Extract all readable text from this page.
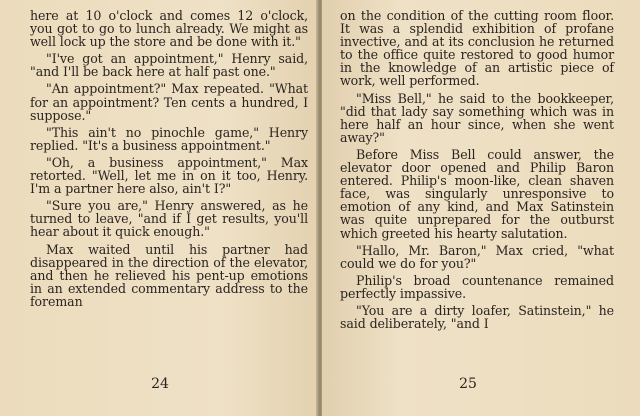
here at 10 o'clock and comes 12 o'clock, you got to go to lunch already. We might as well lock up the store and be done with it."

"I've got an appointment," Henry said, "and I'll be back here at half past one."

"An appointment?" Max repeated. "What for an appointment? Ten cents a hundred, I suppose."

"This ain't no pinochle game," Henry replied. "It's a business appointment."

"Oh, a business appointment," Max retorted. "Well, let me in on it too, Henry. I'm a partner here also, ain't I?"

"Sure you are," Henry answered, as he turned to leave, "and if I get results, you'll hear about it quick enough."

Max waited until his partner had disappeared in the direction of the elevator, and then he relieved his pent-up emotions in an extended commentary address to the foreman

24

on the condition of the cutting room floor. It was a splendid exhibition of profane invective, and at its conclusion he returned to the office quite restored to good humor in the knowledge of an artistic piece of work, well performed.

"Miss Bell," he said to the bookkeeper, "did that lady say something which was in here half an hour since, when she went away?"

Before Miss Bell could answer, the elevator door opened and Philip Baron entered. Philip's moon-like, clean shaven face, was singularly unresponsive to emotion of any kind, and Max Satinstein was quite unprepared for the outburst which greeted his hearty salutation.

"Hallo, Mr. Baron," Max cried, "what could we do for you?"

Philip's broad countenance remained perfectly impassive.

"You are a dirty loafer, Satinstein," he said deliberately, "and I

25
